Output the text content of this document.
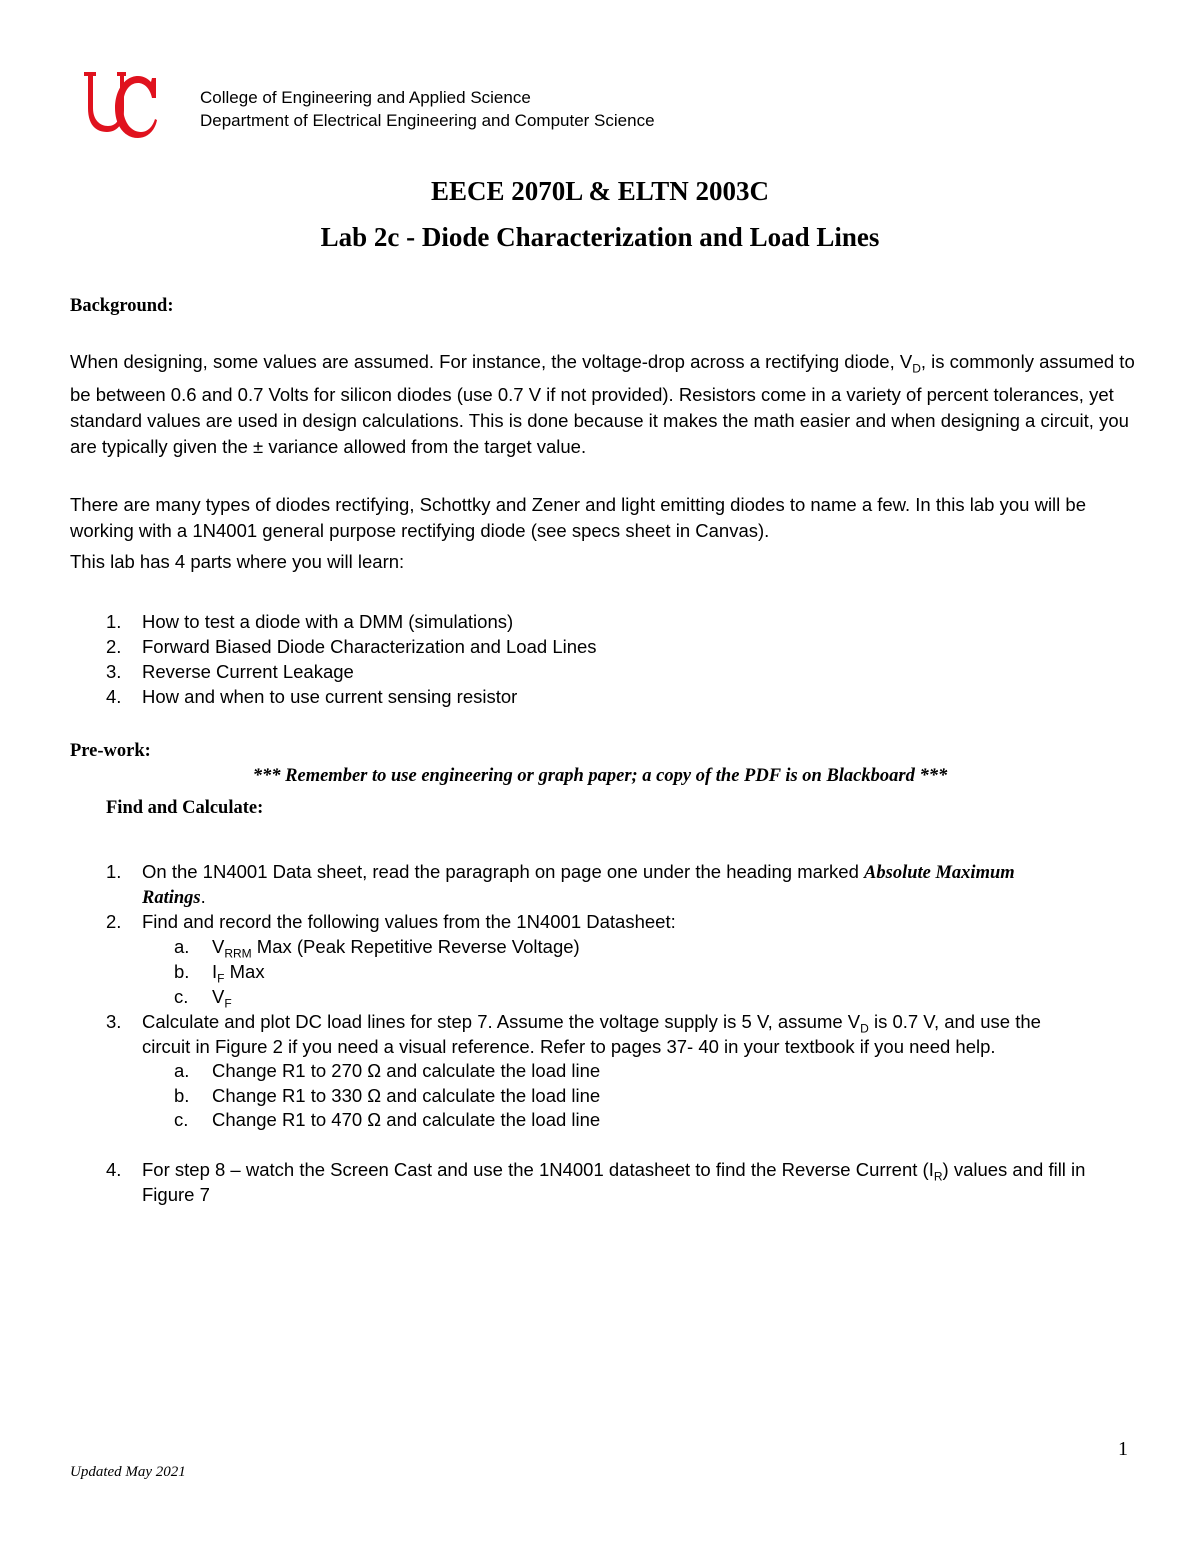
UC
College of Engineering and Applied Science
Department of Electrical Engineering and Computer Science
EECE 2070L & ELTN 2003C
Lab 2c - Diode Characterization and Load Lines
Background:
When designing, some values are assumed. For instance, the voltage-drop across a rectifying diode, $V_D$, is commonly assumed to be between 0.6 and 0.7 Volts for silicon diodes (use 0.7 V if not provided). Resistors come in a variety of percent tolerances, yet standard values are used in design calculations. This is done because it makes the math easier and when designing a circuit, you are typically given the ± variance allowed from the target value.
There are many types of diodes rectifying, Schottky and Zener and light emitting diodes to name a few. In this lab you will be working with a 1N4001 general purpose rectifying diode (see specs sheet in Canvas).
This lab has 4 parts where you will learn:
1. How to test a diode with a DMM (simulations)
2. Forward Biased Diode Characterization and Load Lines
3. Reverse Current Leakage
4. How and when to use current sensing resistor
Pre-work:
*** Remember to use engineering or graph paper; a copy of the PDF is on Blackboard ***
Find and Calculate:
1. On the 1N4001 Data sheet, read the paragraph on page one under the heading marked Absolute Maximum
Ratings.
2. Find and record the following values from the 1N4001 Datasheet:
a. $V_{RRM}$ Max (Peak Repetitive Reverse Voltage)
b. $I_F$ Max
c. $V_F$
3. Calculate and plot DC load lines for step 7. Assume the voltage supply is 5 V, assume $V_D$ is 0.7 V, and use the
circuit in Figure 2 if you need a visual reference. Refer to pages 37- 40 in your textbook if you need help.
a. Change R1 to 270 Ω and calculate the load line
b. Change R1 to 330 Ω and calculate the load line
c. Change R1 to 470 Ω and calculate the load line
4. For step 8 – watch the Screen Cast and use the 1N4001 datasheet to find the Reverse Current $(I_R)$ values and fill in
Figure 7
1
Updated May 2021
